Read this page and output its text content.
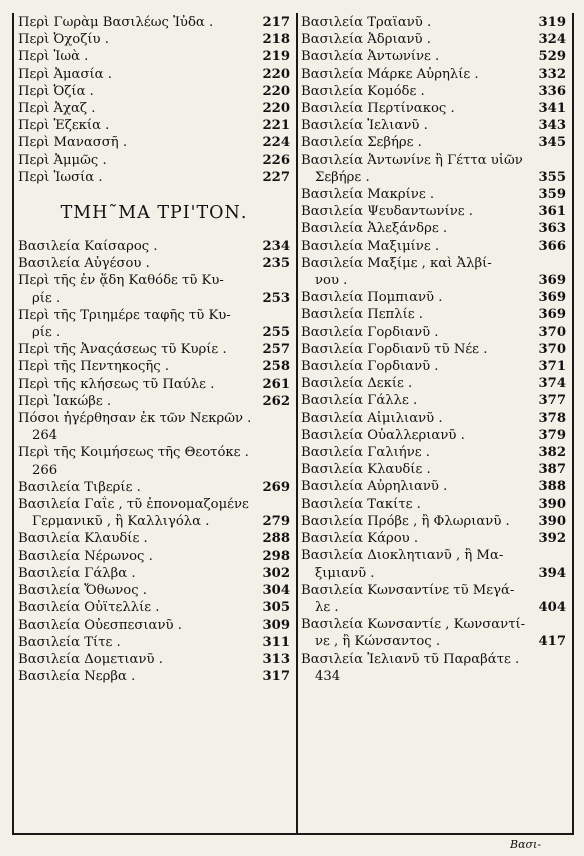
Περὶ Γωρὰμ Βασιλέως Ἰὐδα .	217
Περὶ Ὀχοζίυ .	218
Περὶ Ἰωὰ .	219
Περὶ Ἀμασία .	220
Περὶ Ὀζία .	220
Περὶ Ἀχαζ .	220
Περὶ Ἐζεκία .	221
Περὶ Μανασσῆ .	224
Περὶ Ἀμμῶς .	226
Περὶ Ἰωσία .	227
ΤΜΗ῀ΜΑ ΤΡΙ'ΤΟΝ.
Βασιλεία Καίσαρος .	234
Βασιλεία Αὐγέσου .	235
Περὶ τῆς ἐν ᾅδη Καθόδε τῦ Κυ-
ρίε .	253
Περὶ τῆς Τριημέρε ταφῆς τῦ Κυ-
ρίε .	255
Περὶ τῆς Ἀναςάσεως τῦ Κυρίε .	257
Περὶ τῆς Πεντηκοςῆς .	258
Περὶ τῆς κλήσεως τῦ Παύλε .	261
Περὶ Ἰακώβε .	262
Πόσοι ἠγέρθησαν ἐκ τῶν Νεκρῶν .
264
Περὶ τῆς Κοιμήσεως τῆς Θεοτόκε .
266
Βασιλεία Τιβερίε .	269
Βασιλεία Γαΐε , τῦ ἐπονομαζομένε
Γερμανικῦ , ἢ Καλλιγόλα .	279
Βασιλεία Κλαυδίε .	288
Βασιλεία Νέρωνος .	298
Βασιλεία Γάλβα .	302
Βασιλεία Ὄθωνος .	304
Βασιλεία Οὐϊτελλίε .	305
Βασιλεία Οὐεσπεσιανῦ .	309
Βασιλεία Τίτε .	311
Βασιλεία Δομετιανῦ .	313
Βασιλεία Νερβα .	317
Βασιλεία Τραϊανῦ .	319
Βασιλεία Ἀδριανῦ .	324
Βασιλεία Ἀντωνίνε .	529
Βασιλεία Μάρκε Αὐρηλίε .	332
Βασιλεία Κομόδε .	336
Βασιλεία Περτίνακος .	341
Βασιλεία Ἰελιανῦ .	343
Βασιλεία Σεβήρε .	345
Βασιλεία Ἀντωνίνε ἢ Γέττα υἱῶν
Σεβήρε .	355
Βασιλεία Μακρίνε .	359
Βασιλεία Ψευδαντωνίνε .	361
Βασιλεία Ἀλεξάνδρε .	363
Βασιλεία Μαξιμίνε .	366
Βασιλεία Μαξίμε , καὶ Ἀλβί-
νου .	369
Βασιλεία Πομπιανῦ .	369
Βασιλεία Πεπλίε .	369
Βασιλεία Γορδιανῦ .	370
Βασιλεία Γορδιανῦ τῦ Νέε .	370
Βασιλεία Γορδιανῦ .	371
Βασιλεία Δεκίε .	374
Βασιλεία Γάλλε .	377
Βασιλεία Αἰμιλιανῦ .	378
Βασιλεία Οὐαλλεριανῦ .	379
Βασιλεία Γαλιήνε .	382
Βασιλεία Κλαυδίε .	387
Βασιλεία Αὐρηλιανῦ .	388
Βασιλεία Τακίτε .	390
Βασιλεία Πρόβε , ἢ Φλωριανῦ .	390
Βασιλεία Κάρου .	392
Βασιλεία Διοκλητιανῦ , ἢ Μα-
ξιμιανῦ .	394
Βασιλεία Κωνσαντίνε τῦ Μεγά-
λε .	404
Βασιλεία Κωνσαντίε , Κωνσαντί-
νε , ἢ Κώνσαντος .	417
Βασιλεία Ἰελιανῦ τῦ Παραβάτε .
434
Βασι-
